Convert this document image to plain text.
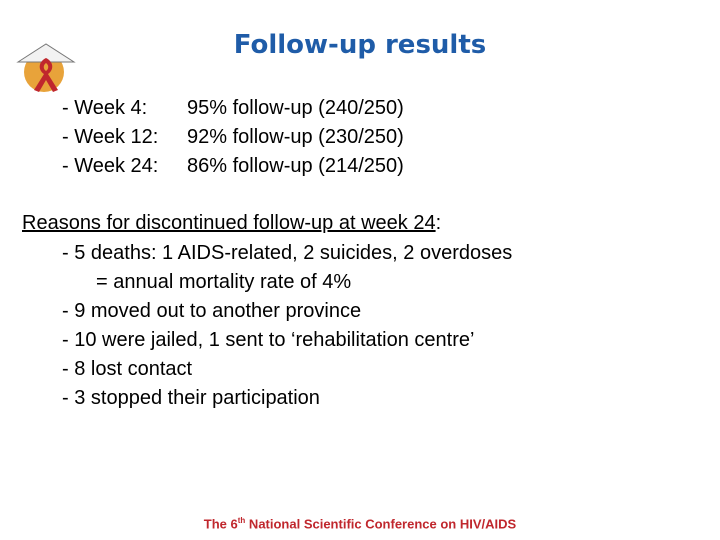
Follow-up results
- Week 4: 95% follow-up (240/250)
- Week 12: 92% follow-up (230/250)
- Week 24: 86% follow-up (214/250)
Reasons for discontinued follow-up at week 24:
- 5 deaths: 1 AIDS-related, 2 suicides, 2 overdoses
= annual mortality rate of 4%
- 9 moved out to another province
- 10 were jailed, 1 sent to ‘rehabilitation centre’
- 8 lost contact
- 3 stopped their participation
The 6th National Scientific Conference on HIV/AIDS
